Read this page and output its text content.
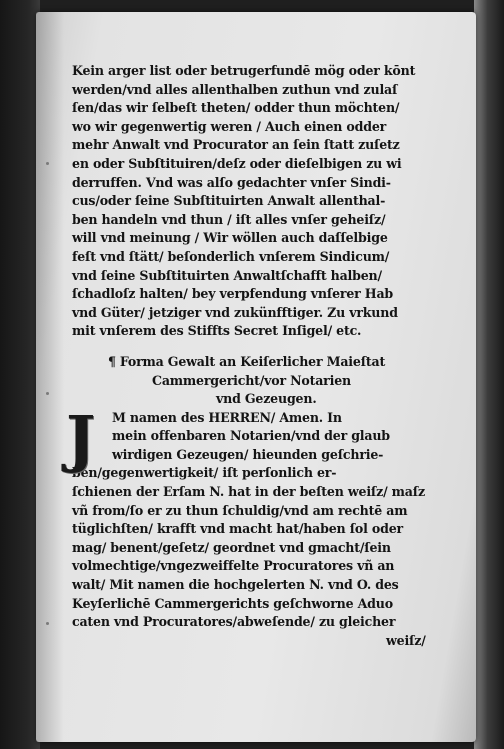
Kein arger list oder betrugerfundē mög oder kōnt
werden/vnd alles allenthalben zuthun vnd zulaſ
ſen/das wir ſelbeſt theten/ odder thun möchten/
wo wir gegenwertig weren / Auch einen odder
mehr Anwalt vnd Procurator an ſein ſtatt zuſetz
en oder Subſtituiren/deſz oder dieſelbigen zu wi
derruffen. Vnd was alſo gedachter vnſer Sindi-
cus/oder ſeine Subſtituirten Anwalt allenthal-
ben handeln vnd thun / iſt alles vnſer geheiſz/
will vnd meinung / Wir wöllen auch daſſelbige
feſt vnd ſtätt/ beſonderlich vnſerem Sindicum/
vnd ſeine Subſtituirten Anwaltſchafft halben/
ſchadloſz halten/ bey verpfendung vnſerer Hab
vnd Güter/ jetziger vnd zukünfftiger. Zu vrkund
mit vnſerem des Stiffts Secret Inſigel/ etc.
¶ Forma Gewalt an Keiſerlicher Maieſtat
Cammergericht/vor Notarien
vnd Gezeugen.
J	M namen des HERREN/ Amen. In
mein offenbaren Notarien/vnd der glaub
wirdigen Gezeugen/ hieunden geſchrie-
ben/gegenwertigkeit/ iſt perſonlich er-
ſchienen der Erſam N. hat in der beſten weiſz/ maſz
vñ from/ſo er zu thun ſchuldig/vnd am rechtē am
tüglichſten/ krafft vnd macht hat/haben ſol oder
mag/ benent/geſetz/ geordnet vnd gmacht/ſein
volmechtige/vngezweiffelte Procuratores vñ an
walt/ Mit namen die hochgelerten N. vnd O. des
Keyſerlichē Cammergerichts geſchworne Aduo
caten vnd Procuratores/abweſende/ zu gleicher
weiſz/
